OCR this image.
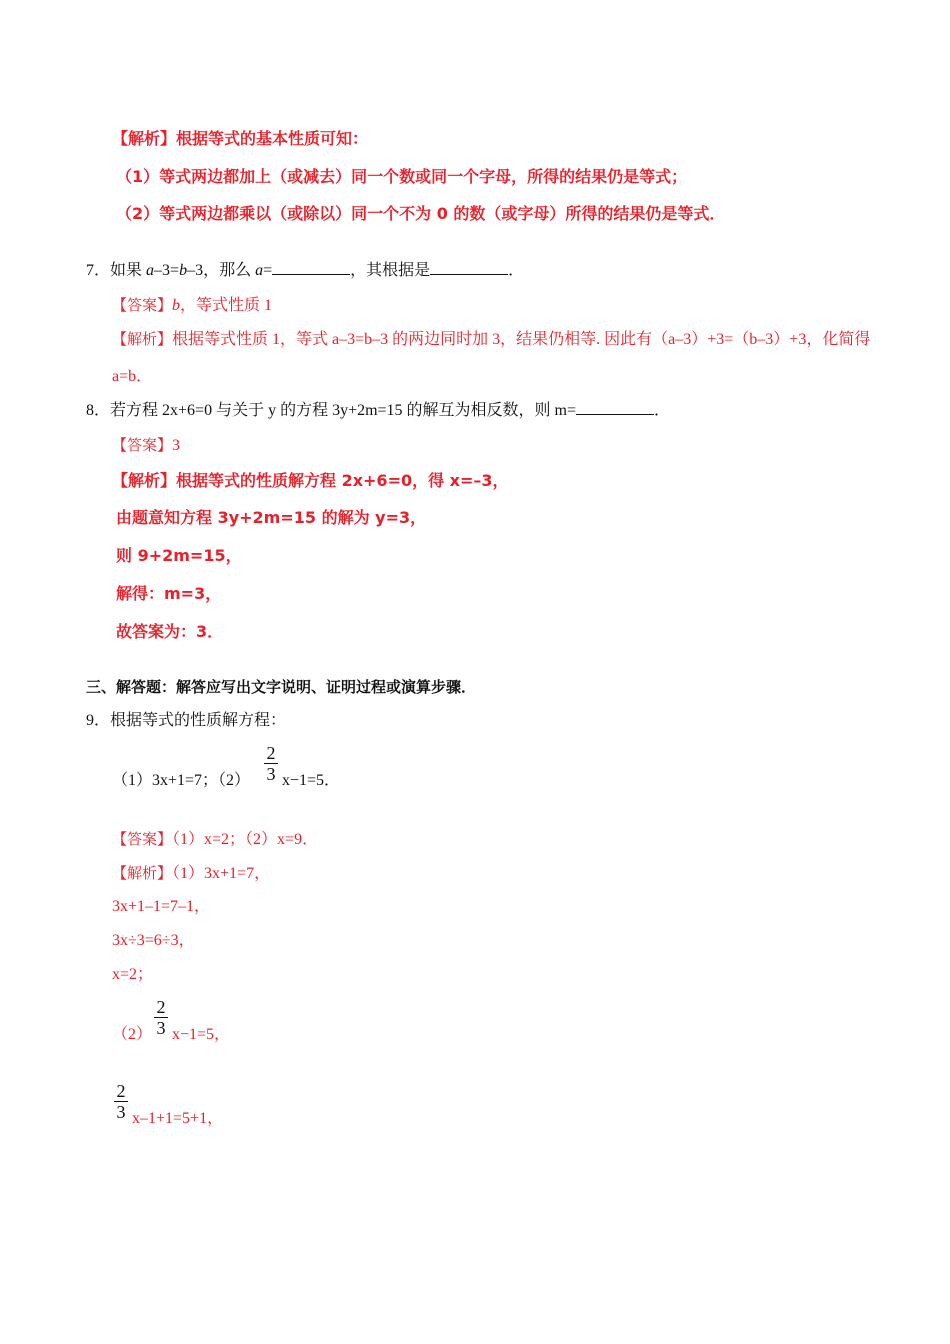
【解析】根据等式的基本性质可知：
（1）等式两边都加上（或减去）同一个数或同一个字母，所得的结果仍是等式；
（2）等式两边都乘以（或除以）同一个不为 0 的数（或字母）所得的结果仍是等式．
7．如果 a–3=b–3，那么 a=	，其根据是	．
【答案】b，等式性质 1
【解析】根据等式性质 1，等式 a–3=b–3 的两边同时加 3，结果仍相等. 因此有（a–3）+3=（b–3）+3，化简得
a=b．
8．若方程 2x+6=0 与关于 y 的方程 3y+2m=15 的解互为相反数，则 m=	．
【答案】3
【解析】根据等式的性质解方程 2x+6=0，得 x=–3，
由题意知方程 3y+2m=15 的解为 y=3，
则 9+2m=15，
解得：m=3，
故答案为：3．
三、解答题：解答应写出文字说明、证明过程或演算步骤．
9．根据等式的性质解方程：
（1）3x+1=7；（2）
2
3 x−1=5．
【答案】（1）x=2；（2）x=9．
【解析】（1）3x+1=7，
3x+1–1=7–1，
3x÷3=6÷3，
x=2；
（2）
2
3 x−1=5，
2
3 x–1+1=5+1，
